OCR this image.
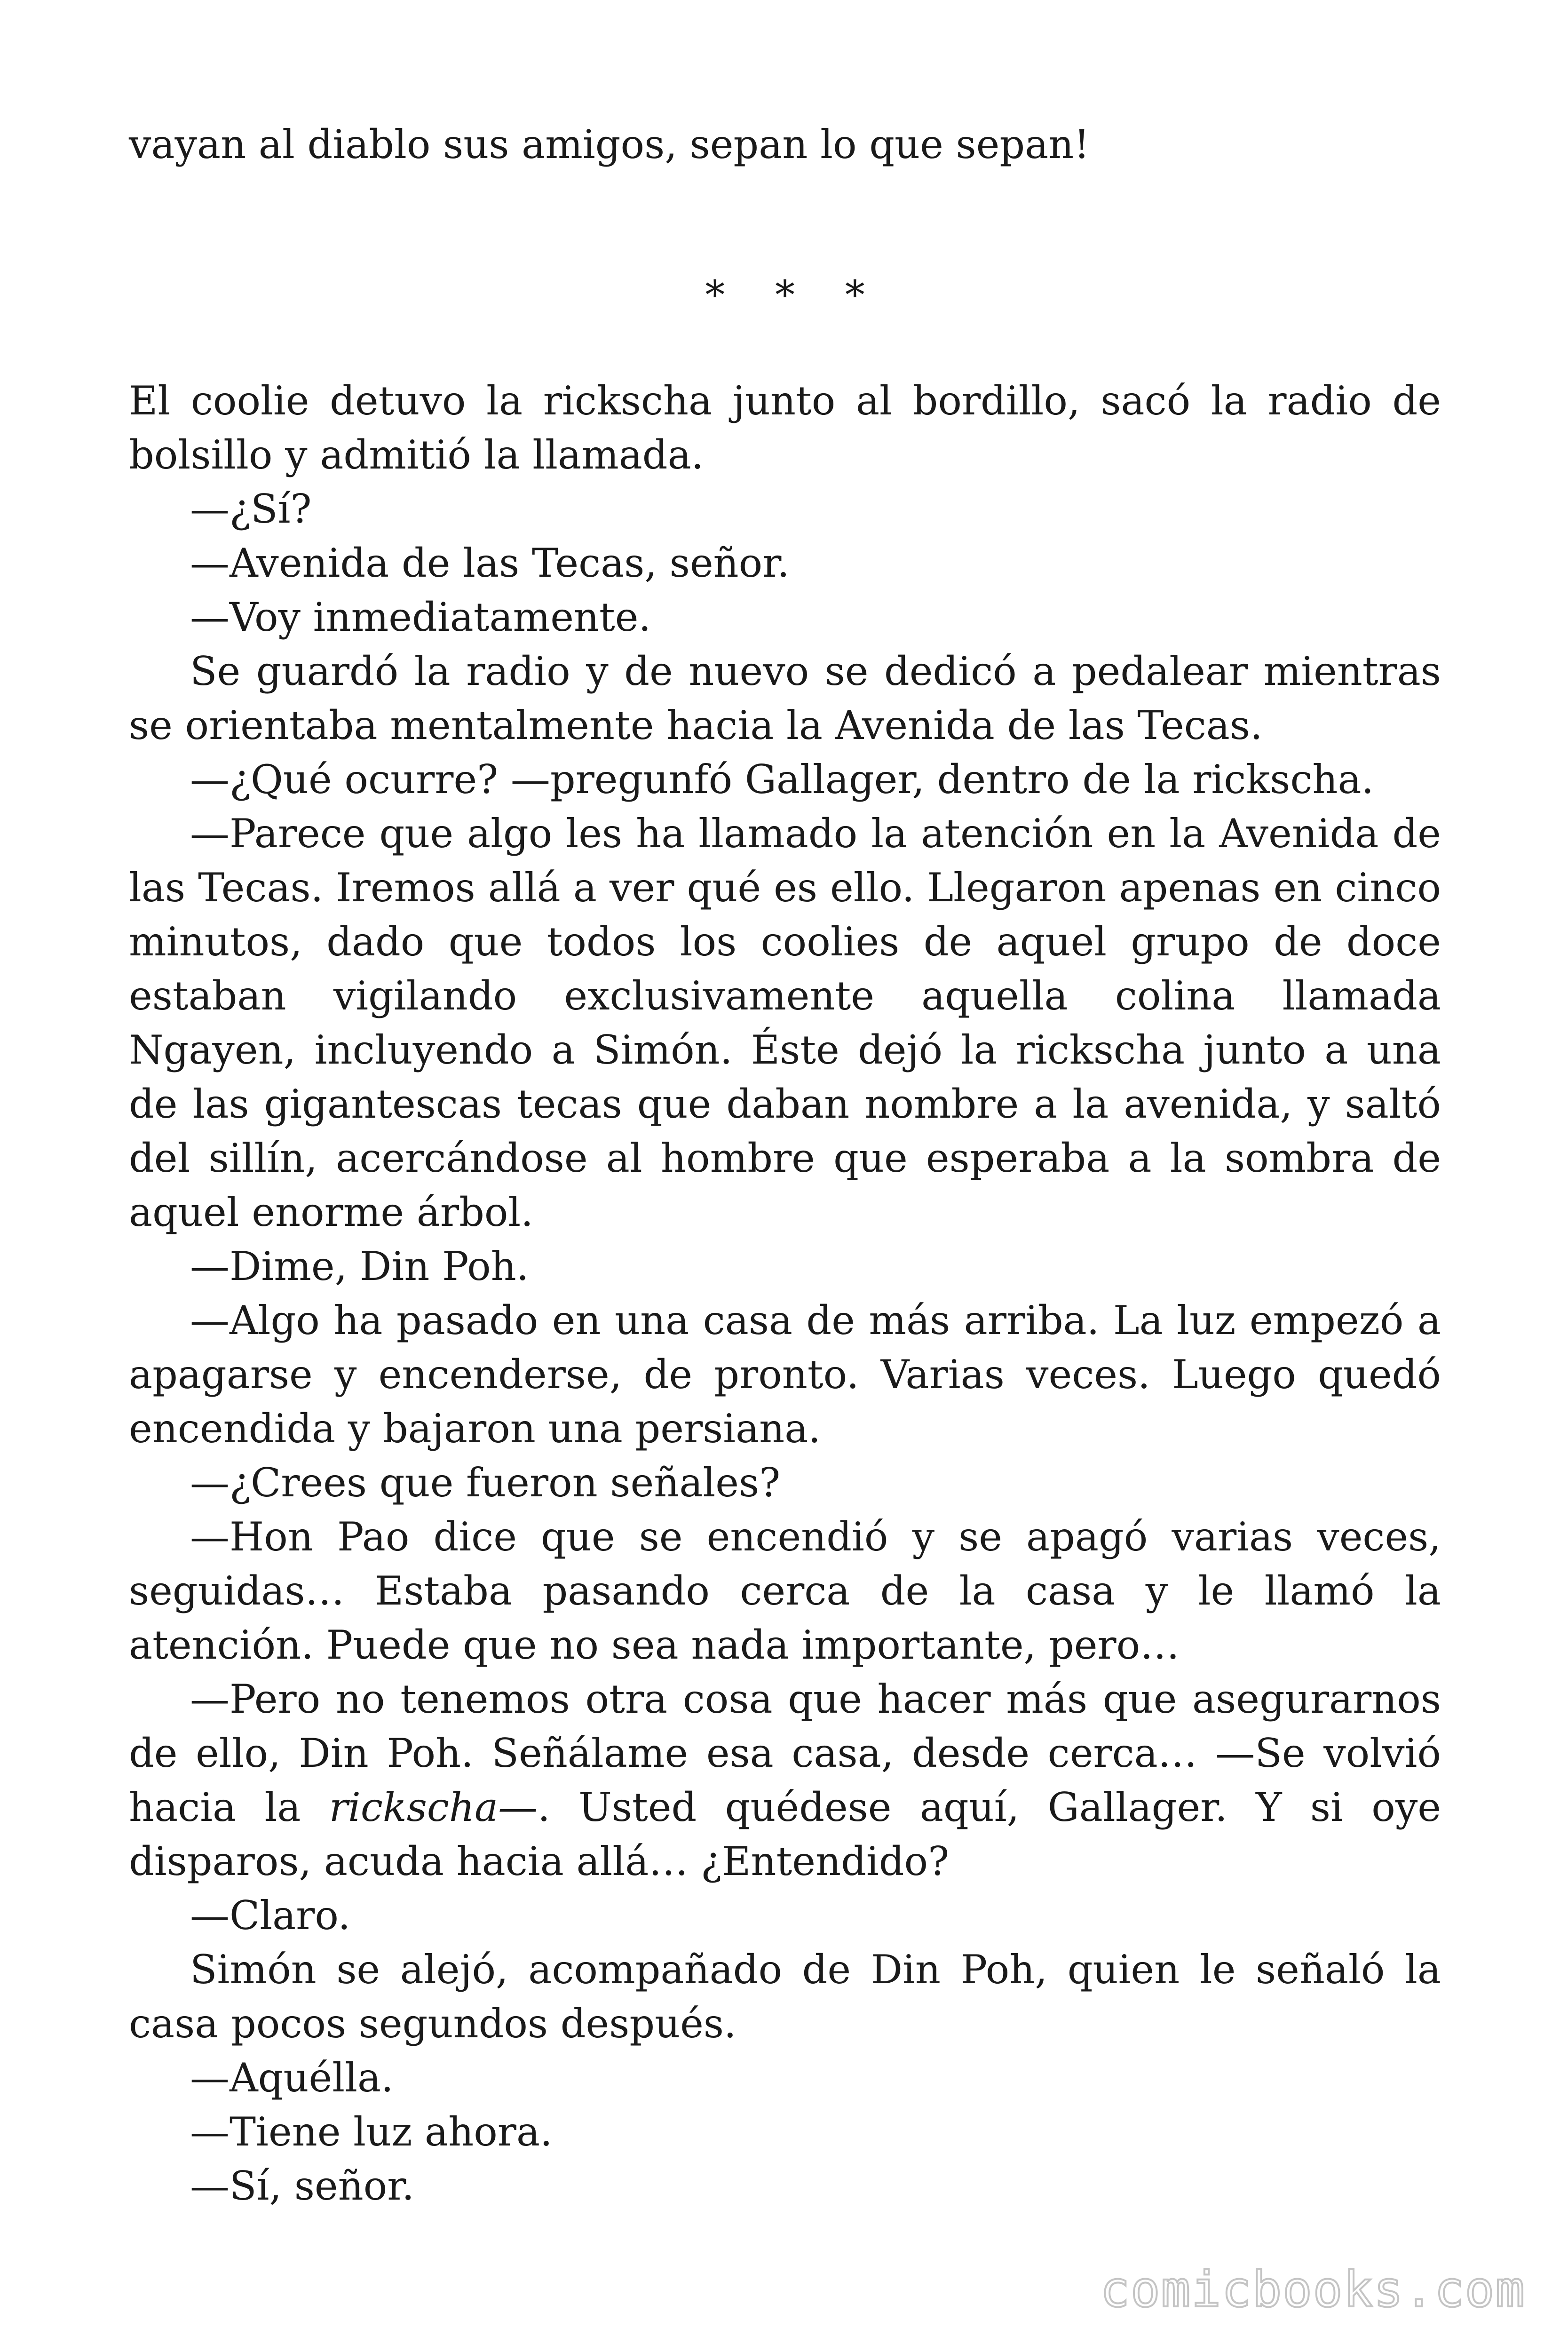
vayan al diablo sus amigos, sepan lo que sepan!

* * *

El coolie detuvo la rickscha junto al bordillo, sacó la radio de bolsillo y admitió la llamada.

—¿Sí?

—Avenida de las Tecas, señor.

—Voy inmediatamente.

Se guardó la radio y de nuevo se dedicó a pedalear mientras se orientaba mentalmente hacia la Avenida de las Tecas.

—¿Qué ocurre? —pregunfó Gallager, dentro de la rickscha.

—Parece que algo les ha llamado la atención en la Avenida de las Tecas. Iremos allá a ver qué es ello. Llegaron apenas en cinco minutos, dado que todos los coolies de aquel grupo de doce estaban vigilando exclusivamente aquella colina llamada Ngayen, incluyendo a Simón. Éste dejó la rickscha junto a una de las gigantescas tecas que daban nombre a la avenida, y saltó del sillín, acercándose al hombre que esperaba a la sombra de aquel enorme árbol.

—Dime, Din Poh.

—Algo ha pasado en una casa de más arriba. La luz empezó a apagarse y encenderse, de pronto. Varias veces. Luego quedó encendida y bajaron una persiana.

—¿Crees que fueron señales?

—Hon Pao dice que se encendió y se apagó varias veces, seguidas… Estaba pasando cerca de la casa y le llamó la atención. Puede que no sea nada importante, pero…

—Pero no tenemos otra cosa que hacer más que asegurarnos de ello, Din Poh. Señálame esa casa, desde cerca… —Se volvió hacia la rickscha—. Usted quédese aquí, Gallager. Y si oye disparos, acuda hacia allá… ¿Entendido?

—Claro.

Simón se alejó, acompañado de Din Poh, quien le señaló la casa pocos segundos después.

—Aquélla.

—Tiene luz ahora.

—Sí, señor.

comicbooks.com
